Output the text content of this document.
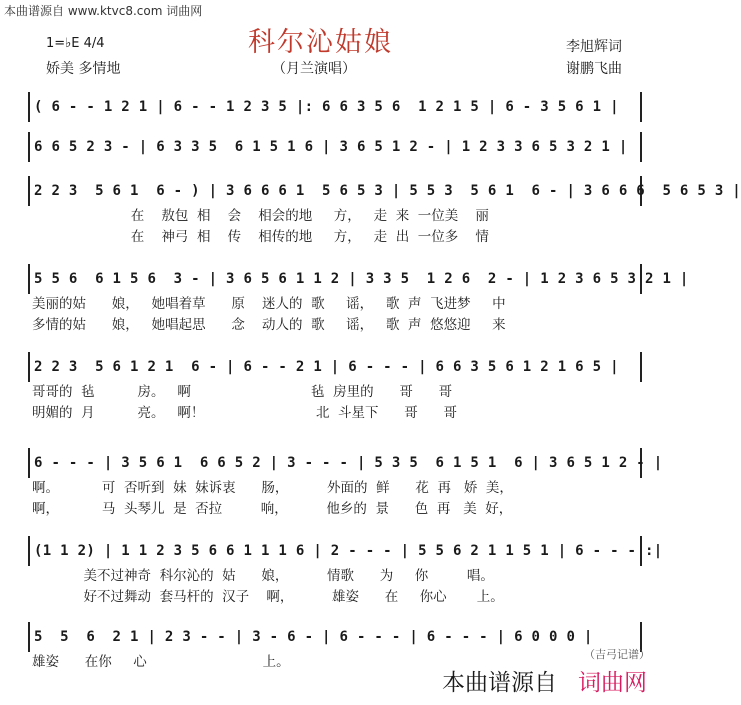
本曲谱源自 www.ktvc8.com 词曲网
1=♭E 4/4	科尔沁姑娘	李旭辉词
谢鹏飞曲
娇美 多情地	（月兰演唱）
( 6 - - 1 2 1 | 6 - - 1 2 3 5 |: 6 6 3 5 6  1 2 1 5 | 6 - 3 5 6 1 |
6 6 5 2 3 - | 6 3 3 5  6 1 5 1 6 | 3 6 5 1 2 - | 1 2 3 3 6 5 3 2 1 |
2 2 3  5 6 1  6 - ) | 3 6 6 6 1  5 6 5 3 | 5 5 3  5 6 1  6 - | 3 6 6 6  5 6 5 3 |
在    敖包  相    会    相会的地     方，   走  来  一位美    丽
在    神弓  相    传    相传的地     方，   走  出  一位多    情
5 5 6  6 1 5 6  3 - | 3 6 5 6 1 1 2 | 3 3 5  1 2 6  2 - | 1 2 3 6 5 3 2 1 |
美丽的姑      娘，   她唱着草      原    迷人的  歌     谣，   歌  声  飞进梦     中
多情的姑      娘，   她唱起思      念    动人的  歌     谣，   歌  声  悠悠迎     来
2 2 3  5 6 1 2 1  6 - | 6 - - 2 1 | 6 - - - | 6 6 3 5 6 1 2 1 6 5 |
哥哥的  毡          房。   啊                            毡  房里的      哥      哥
明媚的  月          亮。   啊！                          北  斗星下      哥      哥
6 - - - | 3 5 6 1  6 6 5 2 | 3 - - - | 5 3 5  6 1 5 1  6 | 3 6 5 1 2 - |
啊。          可  否听到  妹  妹诉衷      肠，         外面的  鲜      花  再   娇  美，
啊，          马  头琴儿  是  否拉         响，         他乡的  景      色  再   美  好，
(1 1 2) | 1 1 2 3 5 6 6 1 1 1 6 | 2 - - - | 5 5 6 2 1 1 5 1 | 6 - - - :|
美不过神奇  科尔沁的  姑      娘，         情歌      为     你         唱。
好不过舞动  套马杆的  汉子    啊，         雄姿      在     你心       上。
5  5  6  2 1 | 2 3 - - | 3 - 6 - | 6 - - - | 6 - - - | 6 0 0 0 |
雄姿      在你     心                           上。	（吉弓记谱）
本曲谱源自 词曲网
